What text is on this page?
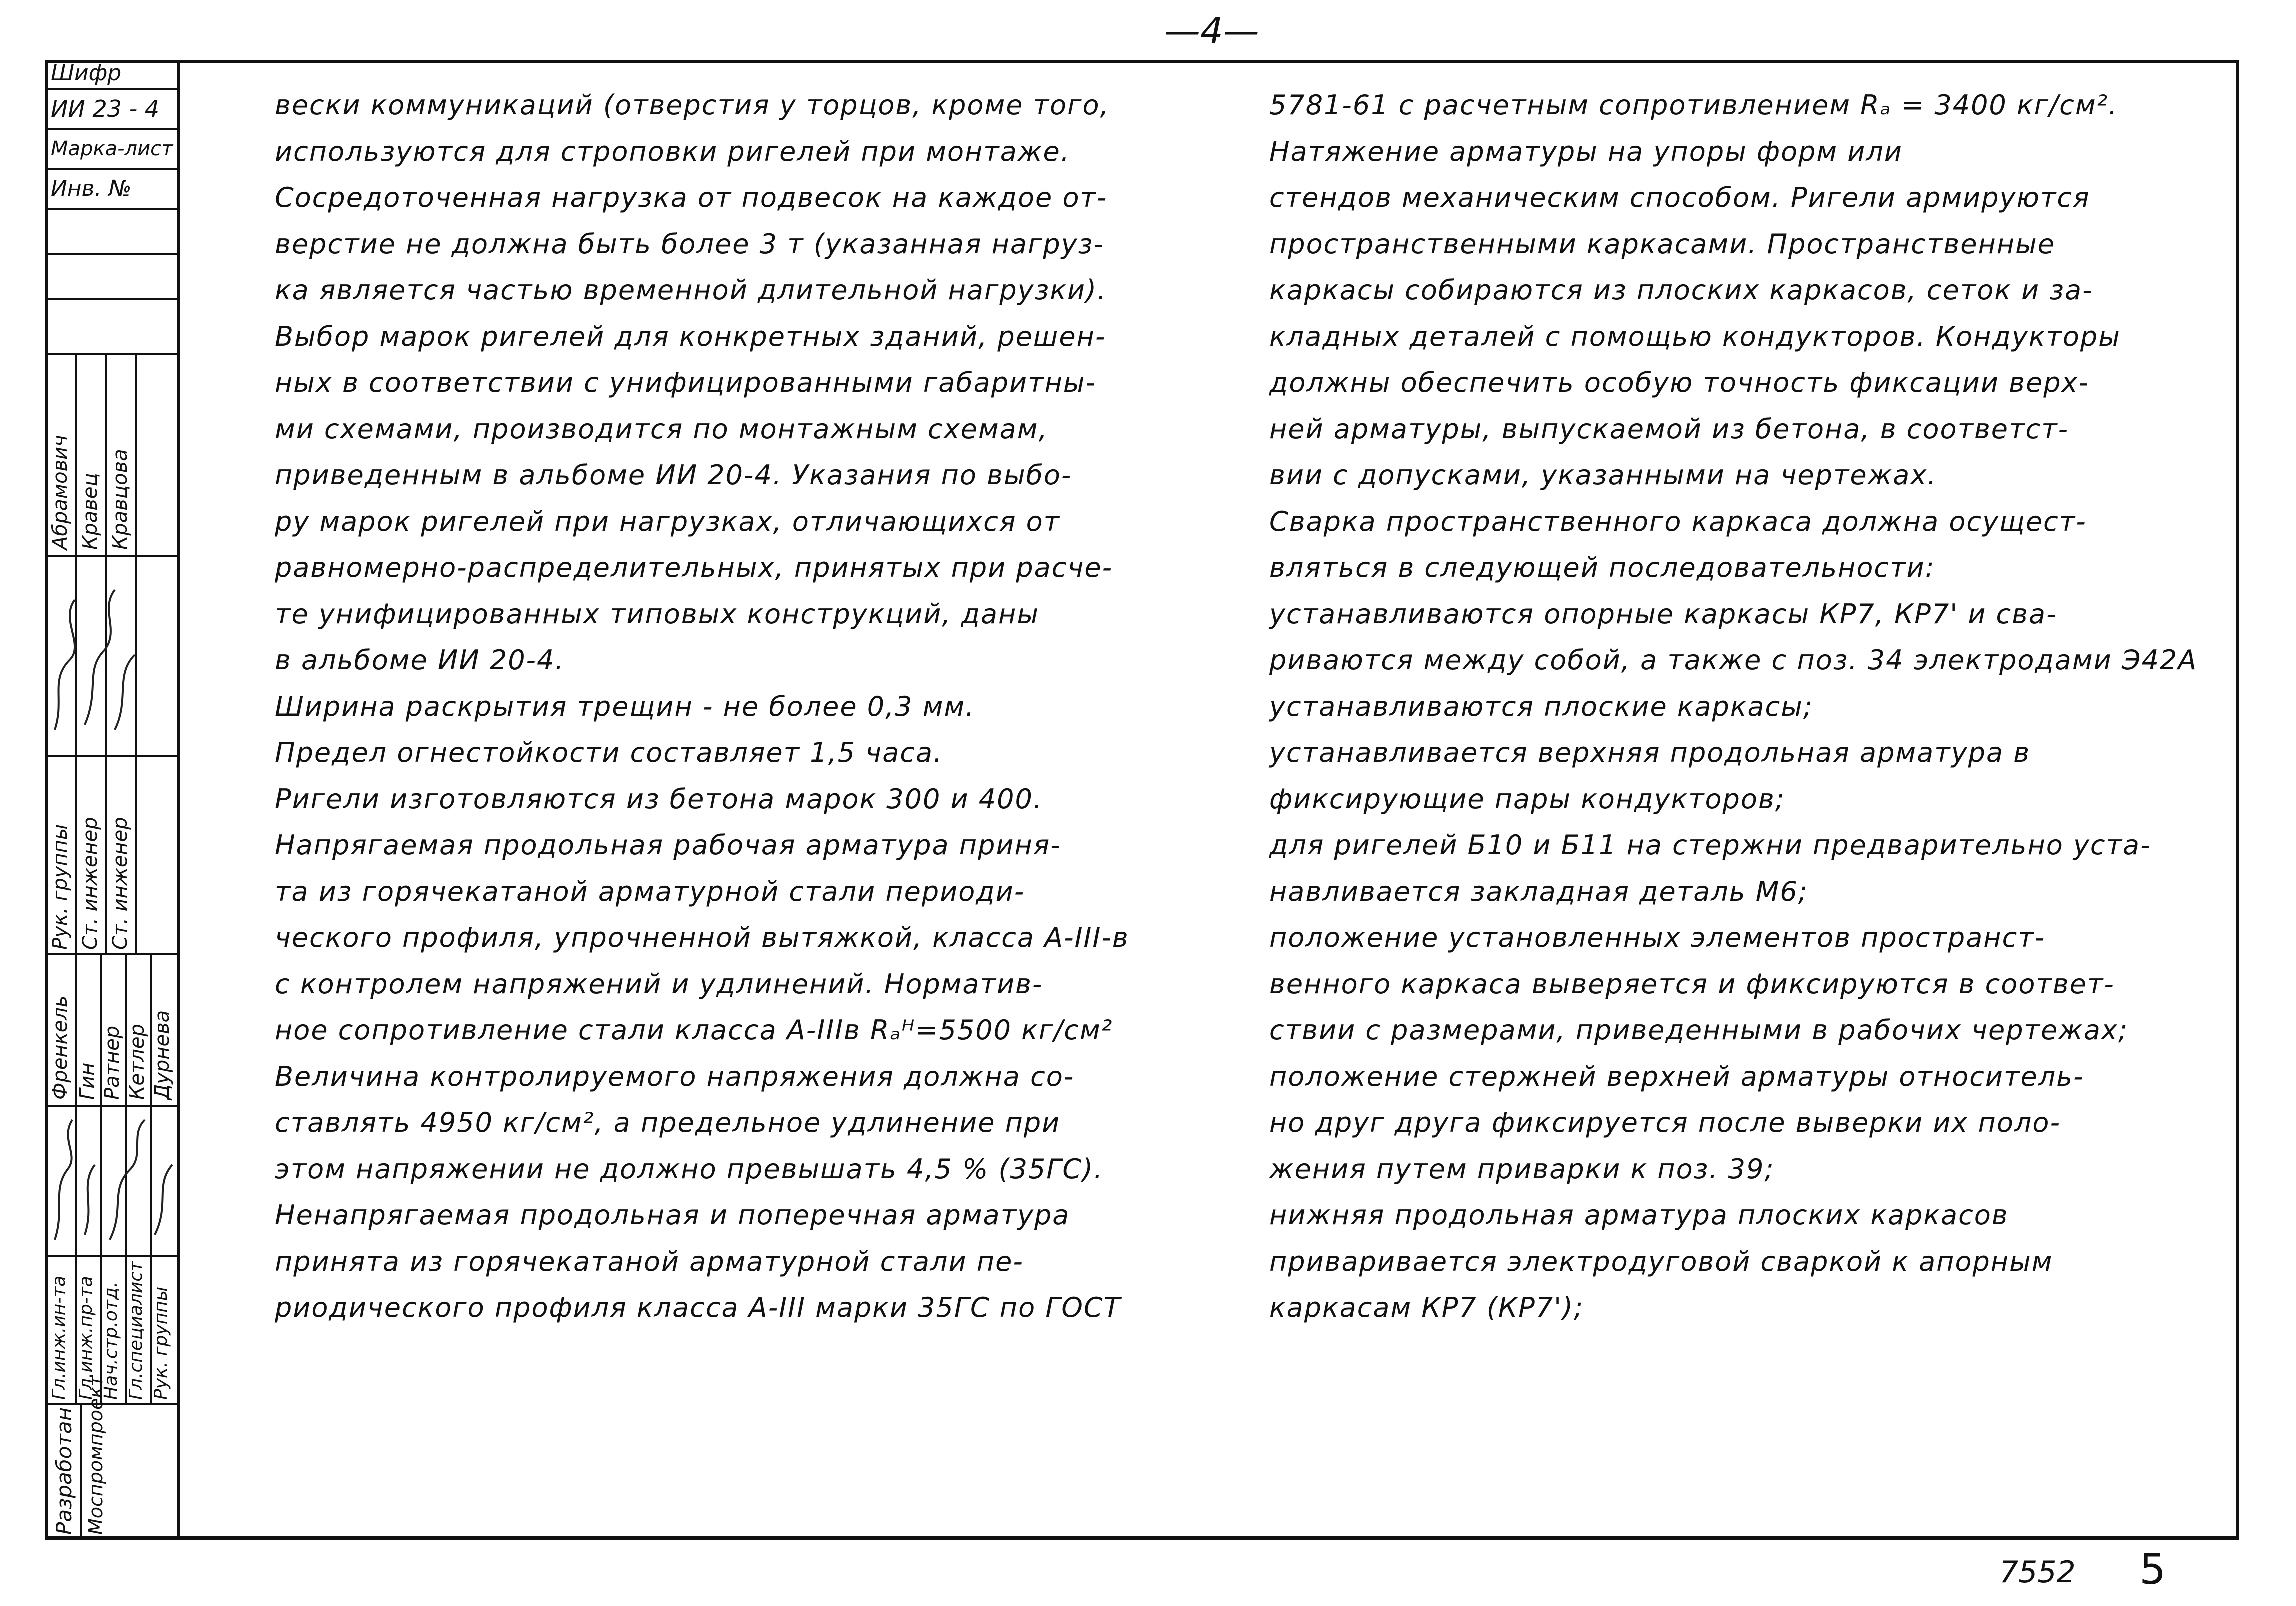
—4—
Шифр
ИИ 23 - 4
Марка-лист
Инв. №
Абрамович Кравец Кравцова
Рук. группы Ст. инженер Ст. инженер
Френкель Гин Ратнер Кетлер Дурнева
Гл.инж.ин-та Гл.инж.пр-та Нач.стр.отд. Гл.специалист Рук. группы
Разработан Моспромпроект
вески коммуникаций (отверстия у торцов, кроме того,
используются для строповки ригелей при монтаже.
Сосредоточенная нагрузка от подвесок на каждое от-
верстие не должна быть более 3 т (указанная нагруз-
ка является частью временной длительной нагрузки).
Выбор марок ригелей для конкретных зданий, решен-
ных в соответствии с унифицированными габаритны-
ми схемами, производится по монтажным схемам,
приведенным в альбоме ИИ 20-4. Указания по выбо-
ру марок ригелей при нагрузках, отличающихся от
равномерно-распределительных, принятых при расче-
те унифицированных типовых конструкций, даны
в альбоме ИИ 20-4.
Ширина раскрытия трещин - не более 0,3 мм.
Предел огнестойкости составляет 1,5 часа.
Ригели изготовляются из бетона марок 300 и 400.
Напрягаемая продольная рабочая арматура приня-
та из горячекатаной арматурной стали периоди-
ческого профиля, упрочненной вытяжкой, класса А-III-в
с контролем напряжений и удлинений. Норматив-
ное сопротивление стали класса А-IIIв Rₐᴴ=5500 кг/см²
Величина контролируемого напряжения должна со-
ставлять 4950 кг/см², а предельное удлинение при
этом напряжении не должно превышать 4,5 % (35ГС).
Ненапрягаемая продольная и поперечная арматура
принята из горячекатаной арматурной стали пе-
риодического профиля класса А-III марки 35ГС по ГОСТ
5781-61 с расчетным сопротивлением Rₐ = 3400 кг/см².
Натяжение арматуры на упоры форм или
стендов механическим способом. Ригели армируются
пространственными каркасами. Пространственные
каркасы собираются из плоских каркасов, сеток и за-
кладных деталей с помощью кондукторов. Кондукторы
должны обеспечить особую точность фиксации верх-
ней арматуры, выпускаемой из бетона, в соответст-
вии с допусками, указанными на чертежах.
Сварка пространственного каркаса должна осущест-
вляться в следующей последовательности:
устанавливаются опорные каркасы КР7, КР7' и сва-
риваются между собой, а также с поз. 34 электродами Э42А
устанавливаются плоские каркасы;
устанавливается верхняя продольная арматура в
фиксирующие пары кондукторов;
для ригелей Б10 и Б11 на стержни предварительно уста-
навливается закладная деталь М6;
положение установленных элементов пространст-
венного каркаса выверяется и фиксируются в соответ-
ствии с размерами, приведенными в рабочих чертежах;
положение стержней верхней арматуры относитель-
но друг друга фиксируется после выверки их поло-
жения путем приварки к поз. 39;
нижняя продольная арматура плоских каркасов
приваривается электродуговой сваркой к апорным
каркасам КР7 (КР7');
7552 5
